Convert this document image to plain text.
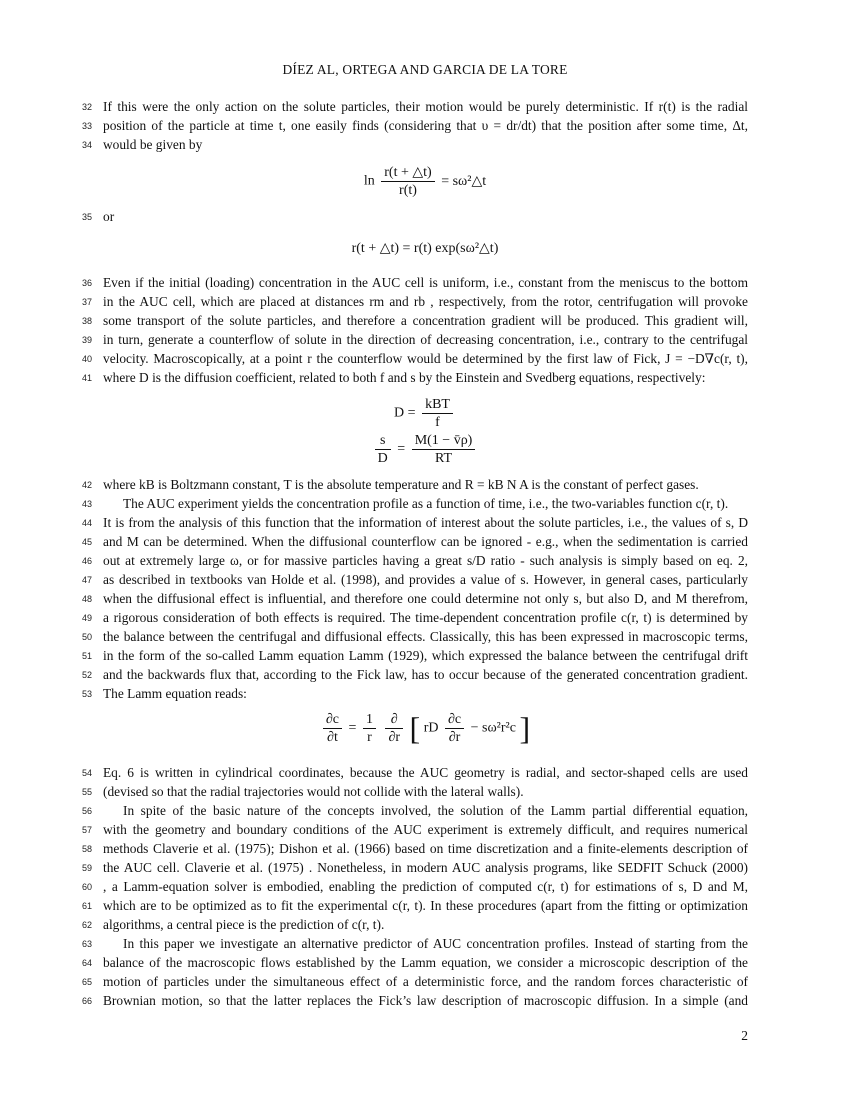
DÍEZ AL, ORTEGA AND GARCIA DE LA TORE
32 If this were the only action on the solute particles, their motion would be purely deterministic. If r(t) is the radial
33 position of the particle at time t, one easily finds (considering that υ = dr/dt) that the position after some time, Δt,
34 would be given by
$\ln \frac{r(t + \triangle t)}{r(t)}$ = sω²△t
35 or
r(t + △t) = r(t) exp(sω²△t)
36 Even if the initial (loading) concentration in the AUC cell is uniform, i.e., constant from the meniscus to the bottom
37 in the AUC cell, which are placed at distances rm and rb , respectively, from the rotor, centrifugation will provoke
38 some transport of the solute particles, and therefore a concentration gradient will be produced. This gradient will,
39 in turn, generate a counterflow of solute in the direction of decreasing concentration, i.e., contrary to the centrifugal
40 velocity. Macroscopically, at a point r the counterflow would be determined by the first law of Fick, J = −D∇c(r, t),
41 where D is the diffusion coefficient, related to both f and s by the Einstein and Svedberg equations, respectively:
$D = \frac{\text{kBT}}{f}$
$\frac{s}{D} = \frac{M(1 - v̄\rho)}{RT}$
42 where kB is Boltzmann constant, T is the absolute temperature and R = kB N A is the constant of perfect gases.
43	The AUC experiment yields the concentration profile as a function of time, i.e., the two-variables function c(r, t).
44 It is from the analysis of this function that the information of interest about the solute particles, i.e., the values of s, D
45 and M can be determined. When the diffusional counterflow can be ignored - e.g., when the sedimentation is carried
46 out at extremely large ω, or for massive particles having a great s/D ratio - such analysis is simply based on eq. 2,
47 as described in textbooks van Holde et al. (1998), and provides a value of s. However, in general cases, particularly
48 when the diffusional effect is influential, and therefore one could determine not only s, but also D, and M therefrom,
49 a rigorous consideration of both effects is required. The time-dependent concentration profile c(r, t) is determined by
50 the balance between the centrifugal and diffusional effects. Classically, this has been expressed in macroscopic terms,
51 in the form of the so-called Lamm equation Lamm (1929), which expressed the balance between the centrifugal drift
52 and the backwards flux that, according to the Fick law, has to occur because of the generated concentration gradient.
53 The Lamm equation reads:
$\frac{\partial c}{\partial t} = \frac{1}{r}$
$\frac{\partial}{\partial r}$ [ rD $\frac{\partial c}{\partial r} - s\omega^2r^2c$ ]
54 Eq. 6 is written in cylindrical coordinates, because the AUC geometry is radial, and sector-shaped cells are used
55 (devised so that the radial trajectories would not collide with the lateral walls).
56	In spite of the basic nature of the concepts involved, the solution of the Lamm partial differential equation,
57 with the geometry and boundary conditions of the AUC experiment is extremely difficult, and requires numerical
58 methods Claverie et al. (1975); Dishon et al. (1966) based on time discretization and a finite-elements description of
59 the AUC cell. Claverie et al. (1975) . Nonetheless, in modern AUC analysis programs, like SEDFIT Schuck (2000)
60 , a Lamm-equation solver is embodied, enabling the prediction of computed c(r, t) for estimations of s, D and M,
61 which are to be optimized as to fit the experimental c(r, t). In these procedures (apart from the fitting or optimization
62 algorithms, a central piece is the prediction of c(r, t).
63	In this paper we investigate an alternative predictor of AUC concentration profiles. Instead of starting from the
64 balance of the macroscopic flows established by the Lamm equation, we consider a microscopic description of the
65 motion of particles under the simultaneous effect of a deterministic force, and the random forces characteristic of
66 Brownian motion, so that the latter replaces the Fick’s law description of macroscopic diffusion. In a simple (and
2
